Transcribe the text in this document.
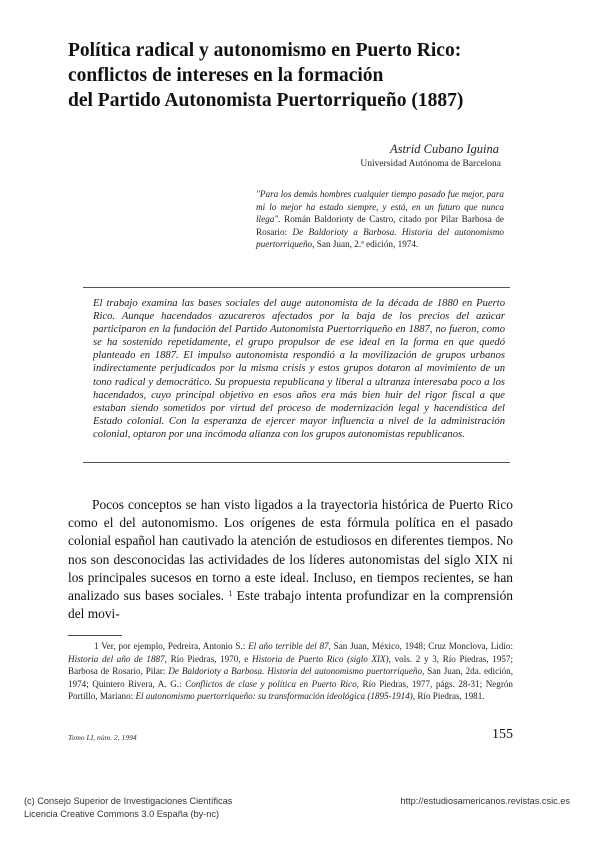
Política radical y autonomismo en Puerto Rico:
conflictos de intereses en la formación
del Partido Autonomista Puertorriqueño (1887)
Astrid Cubano Iguina
Universidad Autónoma de Barcelona
"Para los demás hombres cualquier tiempo pasado fue mejor, para mi lo mejor ha estado siempre, y está, en un futuro que nunca llega". Román Baldorioty de Castro, citado por Pilar Barbosa de Rosario: De Baldorioty a Barbosa. Historia del autonomismo puertorriqueño, San Juan, 2.ª edición, 1974.

El trabajo examina las bases sociales del auge autonomista de la década de 1880 en Puerto Rico. Aunque hacendados azucareros afectados por la baja de los precios del azúcar participaron en la fundación del Partido Autonomista Puertorriqueño en 1887, no fueron, como se ha sostenido repetidamente, el grupo propulsor de ese ideal en la forma en que quedó planteado en 1887. El impulso autonomista respondió a la movilización de grupos urbanos indirectamente perjudicados por la misma crisis y estos grupos dotaron al movimiento de un tono radical y democrático. Su propuesta republicana y liberal a ultranza interesaba poco a los hacendados, cuyo principal objetivo en esos años era más bien huir del rigor fiscal a que estaban siendo sometidos por virtud del proceso de modernización legal y hacendística del Estado colonial. Con la esperanza de ejercer mayor influencia a nivel de la administración colonial, optaron por una incómoda alianza con los grupos autonomistas republicanos.

Pocos conceptos se han visto ligados a la trayectoria histórica de Puerto Rico como el del autonomismo. Los orígenes de esta fórmula política en el pasado colonial español han cautivado la atención de estudiosos en diferentes tiempos. No nos son desconocidas las actividades de los líderes autonomistas del siglo XIX ni los principales sucesos en torno a este ideal. Incluso, en tiempos recientes, se han analizado sus bases sociales. $^1$ Este trabajo intenta profundizar en la comprensión del movi-

1 Ver, por ejemplo, Pedreira, Antonio S.: El año terrible del 87, San Juan, México, 1948; Cruz Monclova, Lidio: Historia del año de 1887, Río Piedras, 1970, e Historia de Puerto Rico (siglo XIX), vols. 2 y 3, Río Piedras, 1957; Barbosa de Rosario, Pilar: De Baldorioty a Barbosa. Historia del autonomismo puertorriqueño, San Juan, 2da. edición, 1974; Quintero Rivera, A. G.: Conflictos de clase y política en Puerto Rico, Río Piedras, 1977, págs. 28-31; Negrón Portillo, Mariano: El autonomismo puertorriqueño: su transformación ideológica (1895-1914), Río Piedras, 1981.

Tomo LI, núm. 2, 1994	155
(c) Consejo Superior de Investigaciones Científicas
Licencia Creative Commons 3.0 España (by-nc)
http://estudiosamericanos.revistas.csic.es
